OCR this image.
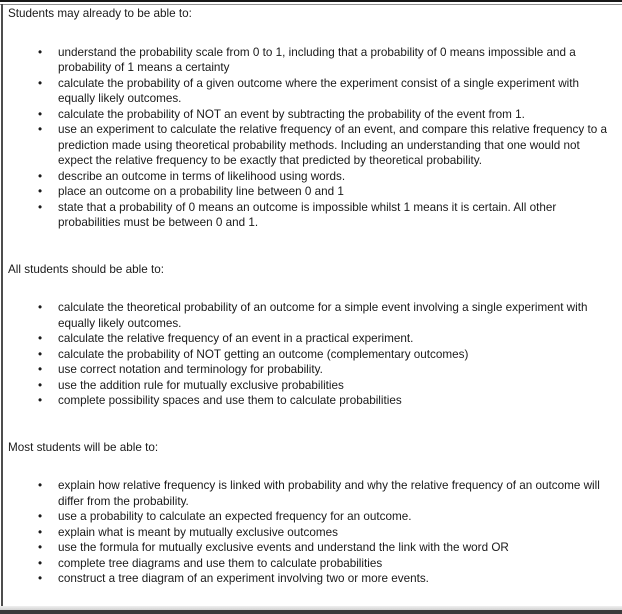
Students may already to be able to:

•	understand the probability scale from 0 to 1, including that a probability of 0 means impossible and a probability of 1 means a certainty
•	calculate the probability of a given outcome where the experiment consist of a single experiment with equally likely outcomes.
•	calculate the probability of NOT an event by subtracting the probability of the event from 1.
•	use an experiment to calculate the relative frequency of an event, and compare this relative frequency to a prediction made using theoretical probability methods. Including an understanding that one would not expect the relative frequency to be exactly that predicted by theoretical probability.
•	describe an outcome in terms of likelihood using words.
•	place an outcome on a probability line between 0 and 1
•	state that a probability of 0 means an outcome is impossible whilst 1 means it is certain. All other probabilities must be between 0 and 1.

All students should be able to:

•	calculate the theoretical probability of an outcome for a simple event involving a single experiment with equally likely outcomes.
•	calculate the relative frequency of an event in a practical experiment.
•	calculate the probability of NOT getting an outcome (complementary outcomes)
•	use correct notation and terminology for probability.
•	use the addition rule for mutually exclusive probabilities
•	complete possibility spaces and use them to calculate probabilities

Most students will be able to:

•	explain how relative frequency is linked with probability and why the relative frequency of an outcome will differ from the probability.
•	use a probability to calculate an expected frequency for an outcome.
•	explain what is meant by mutually exclusive outcomes
•	use the formula for mutually exclusive events and understand the link with the word OR
•	complete tree diagrams and use them to calculate probabilities
•	construct a tree diagram of an experiment involving two or more events.
